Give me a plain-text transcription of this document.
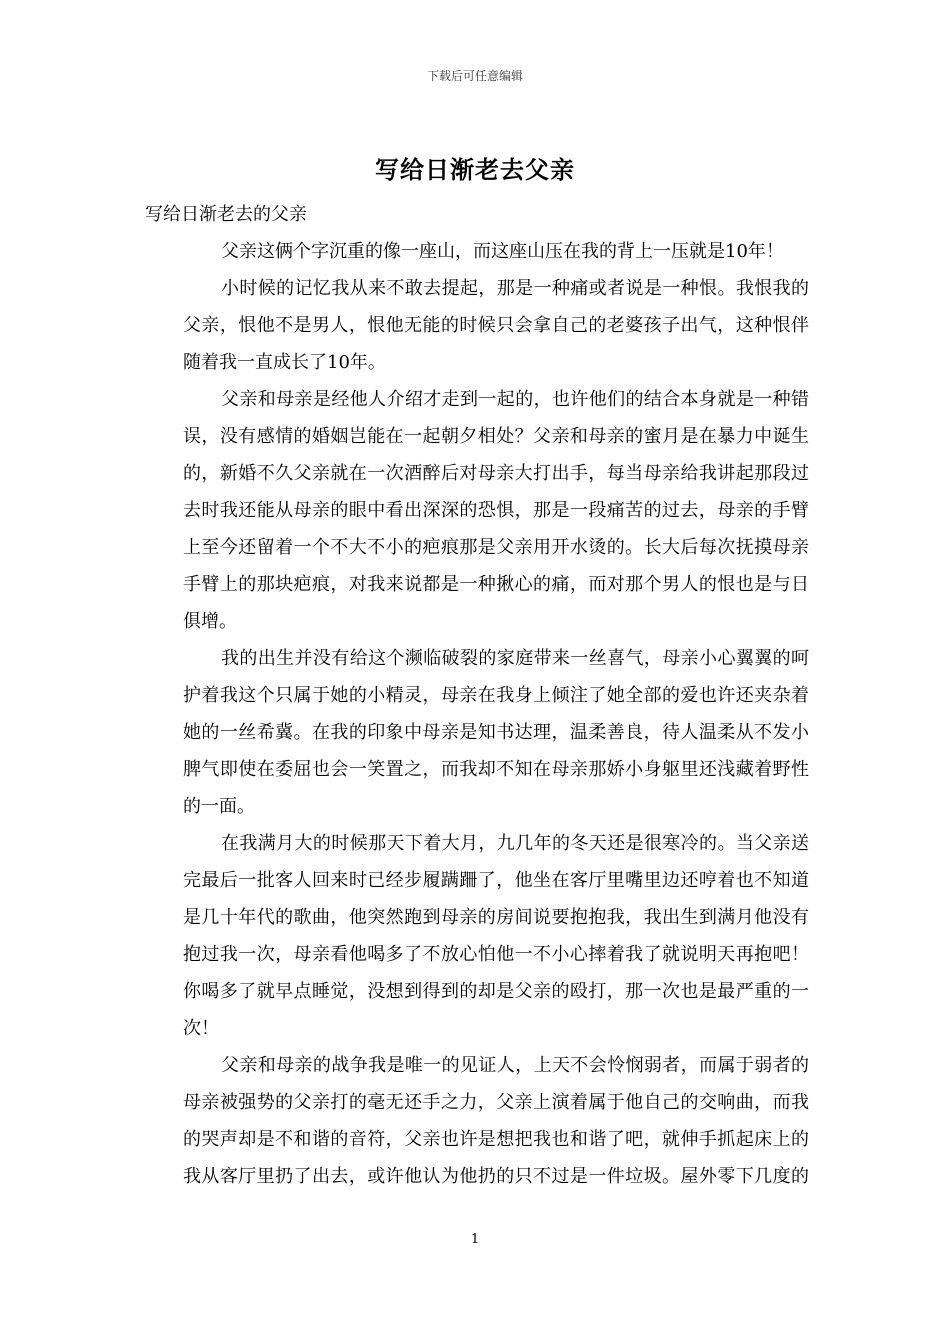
下载后可任意编辑
写给日渐老去父亲
写给日渐老去的父亲
父亲这俩个字沉重的像一座山，而这座山压在我的背上一压就是10年！
小时候的记忆我从来不敢去提起，那是一种痛或者说是一种恨。我恨我的
父亲，恨他不是男人，恨他无能的时候只会拿自己的老婆孩子出气，这种恨伴
随着我一直成长了10年。
父亲和母亲是经他人介绍才走到一起的，也许他们的结合本身就是一种错
误，没有感情的婚姻岂能在一起朝夕相处？父亲和母亲的蜜月是在暴力中诞生
的，新婚不久父亲就在一次酒醉后对母亲大打出手，每当母亲给我讲起那段过
去时我还能从母亲的眼中看出深深的恐惧，那是一段痛苦的过去，母亲的手臂
上至今还留着一个不大不小的疤痕那是父亲用开水烫的。长大后每次抚摸母亲
手臂上的那块疤痕，对我来说都是一种揪心的痛，而对那个男人的恨也是与日
俱增。
我的出生并没有给这个濒临破裂的家庭带来一丝喜气，母亲小心翼翼的呵
护着我这个只属于她的小精灵，母亲在我身上倾注了她全部的爱也许还夹杂着
她的一丝希冀。在我的印象中母亲是知书达理，温柔善良，待人温柔从不发小
脾气即使在委屈也会一笑置之，而我却不知在母亲那娇小身躯里还浅藏着野性
的一面。
在我满月大的时候那天下着大月，九几年的冬天还是很寒冷的。当父亲送
完最后一批客人回来时已经步履蹒跚了，他坐在客厅里嘴里边还哼着也不知道
是几十年代的歌曲，他突然跑到母亲的房间说要抱抱我，我出生到满月他没有
抱过我一次，母亲看他喝多了不放心怕他一不小心摔着我了就说明天再抱吧！
你喝多了就早点睡觉，没想到得到的却是父亲的殴打，那一次也是最严重的一
次！
父亲和母亲的战争我是唯一的见证人，上天不会怜悯弱者，而属于弱者的
母亲被强势的父亲打的毫无还手之力，父亲上演着属于他自己的交响曲，而我
的哭声却是不和谐的音符，父亲也许是想把我也和谐了吧，就伸手抓起床上的
我从客厅里扔了出去，或许他认为他扔的只不过是一件垃圾。屋外零下几度的
1
